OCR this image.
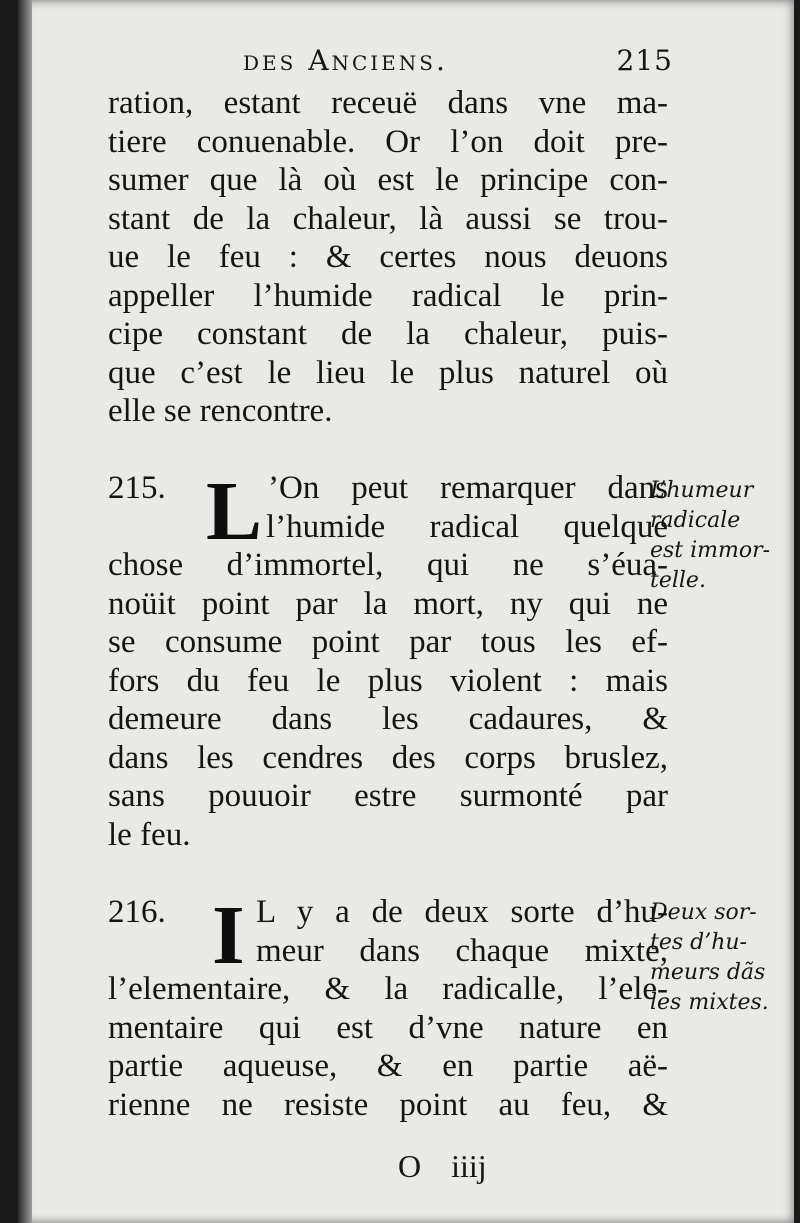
des Anciens.	215
ration, estant receuë dans vne ma-
tiere conuenable. Or l’on doit pre-
sumer que là où est le principe con-
stant de la chaleur, là aussi se trou-
ue le feu : & certes nous deuons
appeller l’humide radical le prin-
cipe constant de la chaleur, puis-
que c’est le lieu le plus naturel où
elle se rencontre.
215. L ’On peut remarquer dans
l’humide radical quelque
chose d’immortel, qui ne s’éua-
noüit point par la mort, ny qui ne
se consume point par tous les ef-
fors du feu le plus violent : mais
demeure dans les cadaures, &
dans les cendres des corps bruslez,
sans pouuoir estre surmonté par
le feu.
216. I L y a de deux sorte d’hu-
meur dans chaque mixte,
l’elementaire, & la radicalle, l’ele-
mentaire qui est d’vne nature en
partie aqueuse, & en partie aë-
rienne ne resiste point au feu, &
L’humeur
radicale
est immor-
telle.
Deux sor-
tes d’hu-
meurs dãs
les mixtes.
O iiij
